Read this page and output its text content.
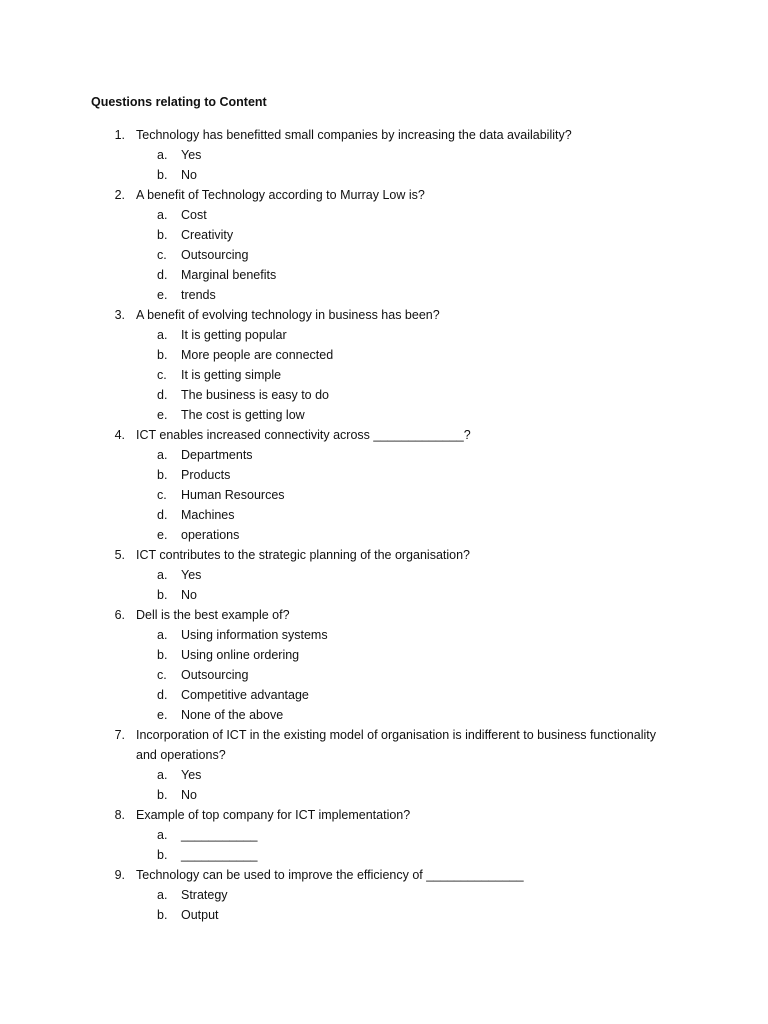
Questions relating to Content
1. Technology has benefitted small companies by increasing the data availability?
a. Yes
b. No
2. A benefit of Technology according to Murray Low is?
a. Cost
b. Creativity
c.	Outsourcing
d. Marginal benefits
e. trends
3. A benefit of evolving technology in business has been?
a. It is getting popular
b. More people are connected
c.	It is getting simple
d. The business is easy to do
e. The cost is getting low
4. ICT enables increased connectivity across _____________?
a. Departments
b. Products
c.	Human Resources
d. Machines
e. operations
5. ICT contributes to the strategic planning of the organisation?
a. Yes
b. No
6. Dell is the best example of?
a. Using information systems
b. Using online ordering
c.	Outsourcing
d. Competitive advantage
e. None of the above
7. Incorporation of ICT in the existing model of organisation is indifferent to business functionality and operations?
a. Yes
b. No
8. Example of top company for ICT implementation?
a. ___________
b. ___________
9. Technology can be used to improve the efficiency of ______________
a. Strategy
b. Output
